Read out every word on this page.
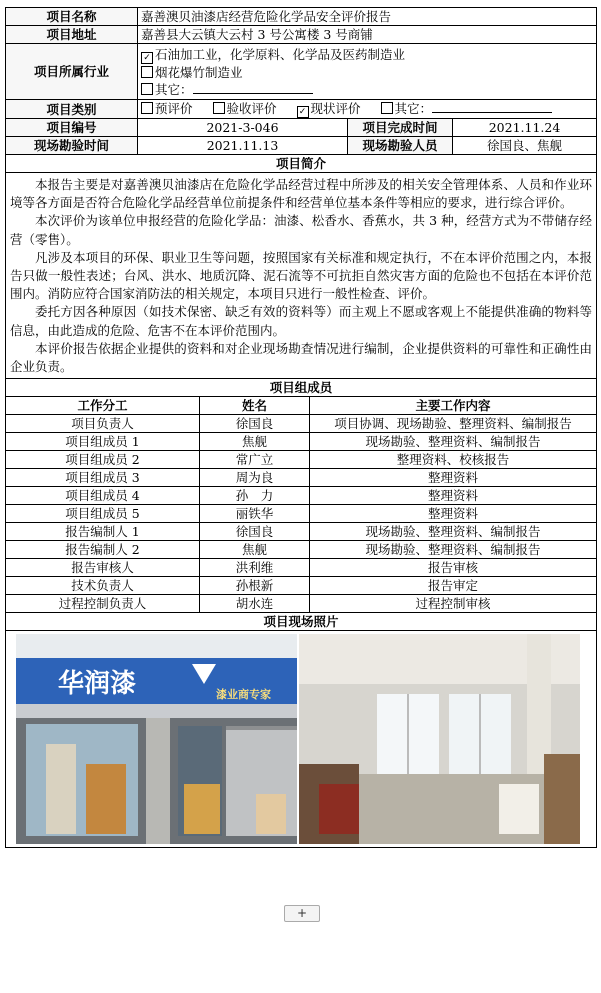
项目名称	嘉善澳贝油漆店经营危险化学品安全评价报告		
项目地址	嘉善县大云镇大云村 3 号公寓楼 3 号商铺		
项目所属行业	✓ 石油加工业，化学原料、化学品及医药制造业
烟花爆竹制造业
其它：		

项目类别	预评价 验收评价 ✓ 现状评价 其它：		
项目编号	2021-3-046	项目完成时间	2021.11.24
现场勘验时间	2021.11.13	现场勘验人员	徐国良、焦舰
项目简介			

本报告主要是对嘉善澳贝油漆店在危险化学品经营过程中所涉及的相关安全管理体系、人员和作业环境等各方面是否符合危险化学品经营单位前提条件和经营单位基本条件等相应的要求，进行综合评价。

本次评价为该单位申报经营的危险化学品：油漆、松香水、香蕉水，共 3 种，经营方式为不带储存经营（零售）。

凡涉及本项目的环保、职业卫生等问题，按照国家有关标准和规定执行，不在本评价范围之内，本报告只做一般性表述；台风、洪水、地质沉降、泥石流等不可抗拒自然灾害方面的危险也不包括在本评价范围内。消防应符合国家消防法的相关规定，本项目只进行一般性检查、评价。

委托方因各种原因（如技术保密、缺乏有效的资料等）而主观上不愿或客观上不能提供准确的物料等信息，由此造成的危险、危害不在本评价范围内。

本评价报告依据企业提供的资料和对企业现场勘查情况进行编制，企业提供资料的可靠性和正确性由企业负责。			

项目组成员		
工作分工	姓名	主要工作内容
项目负责人	徐国良	项目协调、现场勘验、整理资料、编制报告
项目组成员 1	焦舰	现场勘验、整理资料、编制报告
项目组成员 2	常广立	整理资料、校核报告
项目组成员 3	周为良	整理资料
项目组成员 4	孙　力	整理资料
项目组成员 5	丽铁华	整理资料
报告编制人 1	徐国良	现场勘验、整理资料、编制报告
报告编制人 2	焦舰	现场勘验、整理资料、编制报告
报告审核人	洪利维	报告审核
技术负责人	孙根新	报告审定
过程控制负责人	胡水连	过程控制审核
项目现场照片		

华润漆 漆业商专家		
+
